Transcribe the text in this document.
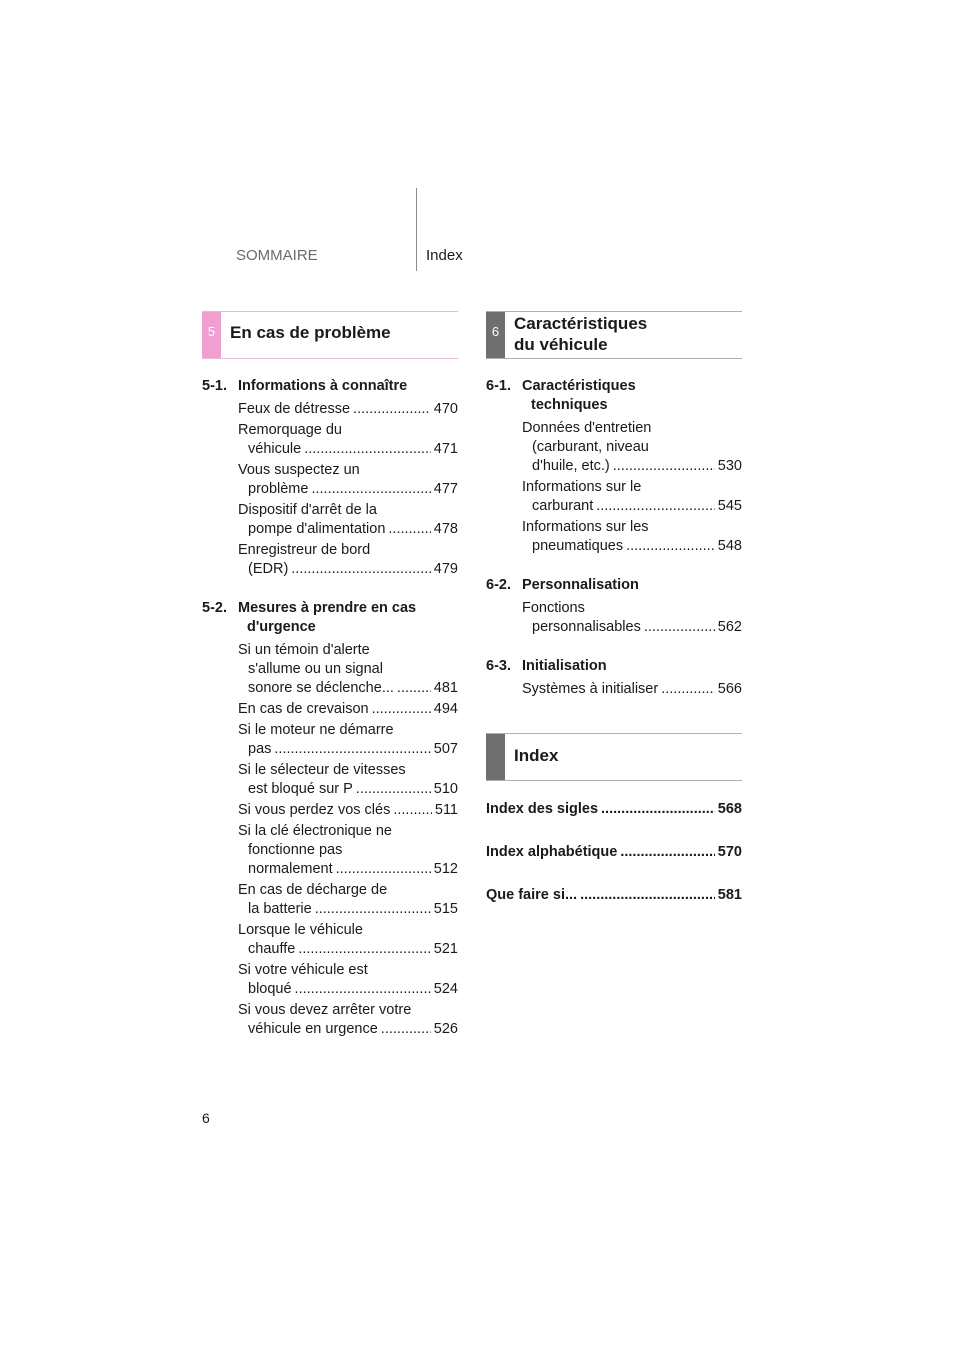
SOMMAIRE	Index
5 En cas de problème	6 Caractéristiques
du véhicule
Index
5-1. Informations à connaître
Feux de détresse .....	470
Remorquage du
véhicule .....	471
Vous suspectez un
problème .....	477
Dispositif d'arrêt de la
pompe d'alimentation .....	478
Enregistreur de bord
(EDR) .....	479
5-2. Mesures à prendre en cas
d'urgence
Si un témoin d'alerte
s'allume ou un signal
sonore se déclenche... .....	481
En cas de crevaison .....	494
Si le moteur ne démarre
pas .....	507
Si le sélecteur de vitesses
est bloqué sur P .....	510
Si vous perdez vos clés .....	511
Si la clé électronique ne
fonctionne pas
normalement .....	512
En cas de décharge de
la batterie .....	515
Lorsque le véhicule
chauffe .....	521
Si votre véhicule est
bloqué .....	524
Si vous devez arrêter votre
véhicule en urgence .....	526
6-1. Caractéristiques
techniques
Données d'entretien
(carburant, niveau
d'huile, etc.) .....	530
Informations sur le
carburant .....	545
Informations sur les
pneumatiques .....	548
6-2. Personnalisation
Fonctions
personnalisables .....	562
6-3. Initialisation
Systèmes à initialiser .....	566
Index des sigles .....	568
Index alphabétique .....	570
Que faire si... .....	581
6
